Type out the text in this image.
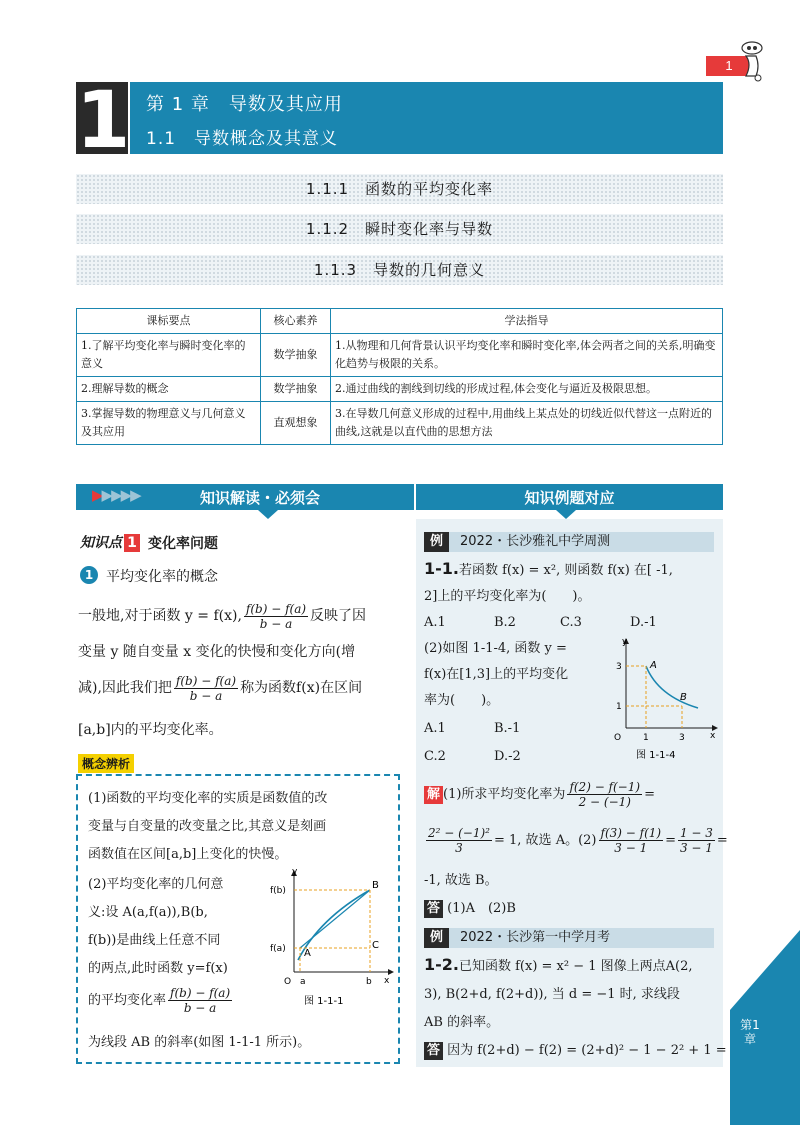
1
1 第 1 章　导数及其应用
1.1　导数概念及其意义
1.1.1　函数的平均变化率
1.1.2　瞬时变化率与导数
1.1.3　导数的几何意义
课标要点	核心素养	学法指导
1.了解平均变化率与瞬时变化率的意义	数学抽象	1.从物理和几何背景认识平均变化率和瞬时变化率,体会两者之间的关系,明确变化趋势与极限的关系。
2.理解导数的概念	数学抽象	2.通过曲线的割线到切线的形成过程,体会变化与逼近及极限思想。
3.掌握导数的物理意义与几何意义及其应用	直观想象	3.在导数几何意义形成的过程中,用曲线上某点处的切线近似代替这一点附近的曲线,这就是以直代曲的思想方法
▶▶▶▶▶	知识解读・必须会	知识例题对应
知识点 1 变化率问题
1 平均变化率的概念
一般地,对于函数 y = f(x), $\frac{f(b) - f(a)}{b - a}$ 反映了因
变量 y 随自变量 x 变化的快慢和变化方向(增
减),因此我们把 $\frac{f(b) - f(a)}{b - a}$ 称为函数f(x)在区间
[a,b]内的平均变化率。
概念辨析
(1)函数的平均变化率的实质是函数值的改
变量与自变量的改变量之比,其意义是刻画
函数值在区间[a,b]上变化的快慢。
(2)平均变化率的几何意
义:设 A(a,f(a)),B(b,
f(b))是曲线上任意不同
的两点,此时函数 y=f(x)
的平均变化率 $\frac{f(b) - f(a)}{b - a}$
为线段 AB 的斜率(如图 1-1-1 所示)。
y
x
O a	b
f(a)
f(b)
A
B
C
图 1-1-1
例	2022・长沙雅礼中学周测
1-1.若函数 f(x) = x², 则函数 f(x) 在[ -1,
2]上的平均变化率为(　　)。
A.1	B.2	C.3	D.-1
(2)如图 1-1-4, 函数 y =
f(x)在[1,3]上的平均变化
率为(　　)。
A.1	B.-1
C.2	D.-2
y
x
O 1	3
3
1
A
B
图 1-1-4
解 (1)所求平均变化率为 $\frac{f(2) - f(-1)}{2 - (-1)}$ =
$\frac{\text{2² − (−1)²}}{3} = 1$, 故选 A。$(2) \frac{f(3) - f(1)}{3 - 1} = \frac{1 - 3}{3 - 1}$ =
-1, 故选 B。
答 (1)A　(2)B
例	2022・长沙第一中学月考
1-2.已知函数 f(x) = x² − 1 图像上两点A(2,
3), B(2+d, f(2+d)), 当 d = −1 时, 求线段
AB 的斜率。
答 因为 f(2+d) − f(2) = (2+d)² − 1 − 2² + 1 =
第1章
